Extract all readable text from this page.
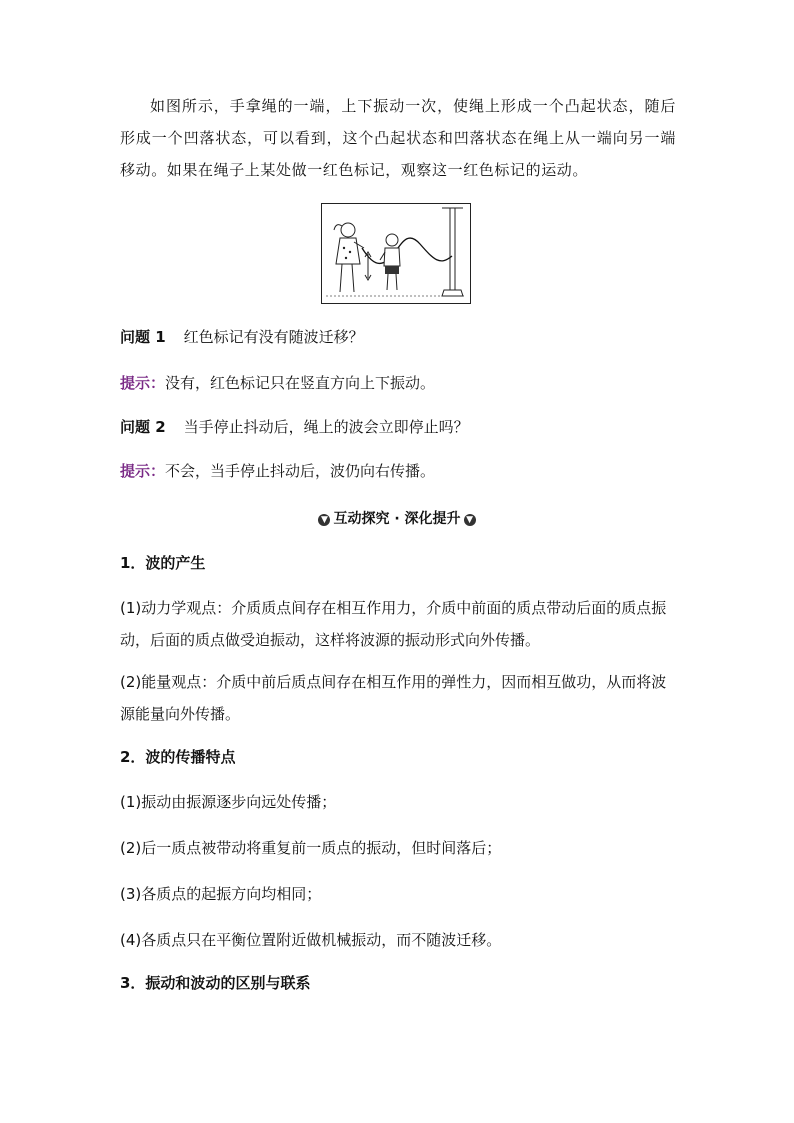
如图所示，手拿绳的一端，上下振动一次，使绳上形成一个凸起状态，随后形成一个凹落状态，可以看到，这个凸起状态和凹落状态在绳上从一端向另一端移动。如果在绳子上某处做一红色标记，观察这一红色标记的运动。

问题 1 红色标记有没有随波迁移？

提示：没有，红色标记只在竖直方向上下振动。

问题 2 当手停止抖动后，绳上的波会立即停止吗？

提示：不会，当手停止抖动后，波仍向右传播。

▼ 互动探究 · 深化提升 ▼

1．波的产生

(1)动力学观点：介质质点间存在相互作用力，介质中前面的质点带动后面的质点振动，后面的质点做受迫振动，这样将波源的振动形式向外传播。

(2)能量观点：介质中前后质点间存在相互作用的弹性力，因而相互做功，从而将波源能量向外传播。

2．波的传播特点

(1)振动由振源逐步向远处传播；

(2)后一质点被带动将重复前一质点的振动，但时间落后；

(3)各质点的起振方向均相同；

(4)各质点只在平衡位置附近做机械振动，而不随波迁移。

3．振动和波动的区别与联系
